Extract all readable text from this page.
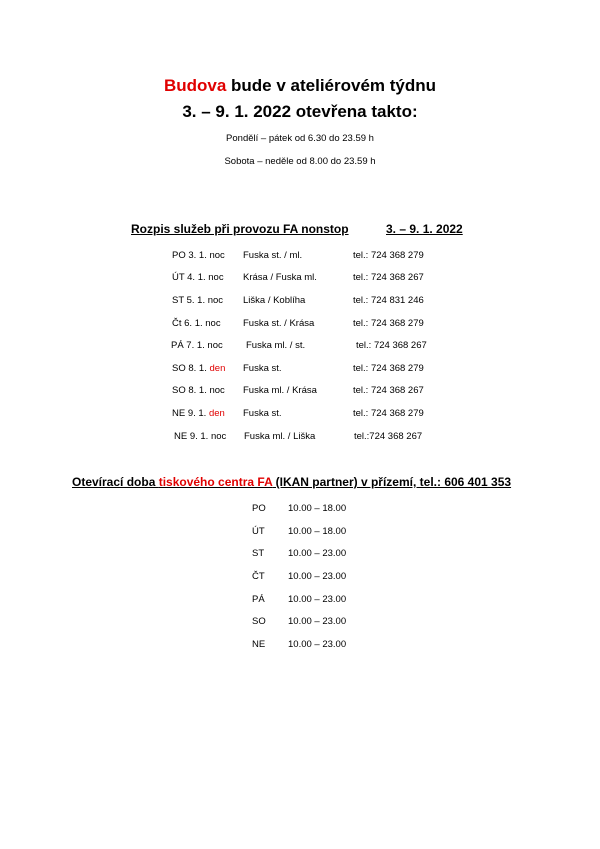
Budova bude v ateliérovém týdnu
3. – 9. 1. 2022 otevřena takto:
Pondělí – pátek od 6.30 do 23.59 h
Sobota – neděle od 8.00 do 23.59 h
Rozpis služeb při provozu FA nonstop	3. – 9. 1. 2022
PO 3. 1. noc Fuska st. / ml.	tel.: 724 368 279
ÚT 4. 1. noc Krása / Fuska ml.	tel.: 724 368 267
ST 5. 1. noc Liška / Koblíha	tel.: 724 831 246
Čt 6. 1. noc Fuska st. / Krása	tel.: 724 368 279
PÁ 7. 1. noc Fuska ml. / st.	tel.: 724 368 267
SO 8. 1. den Fuska st.	tel.: 724 368 279
SO 8. 1. noc Fuska ml. / Krása	tel.: 724 368 267
NE 9. 1. den Fuska st.	tel.: 724 368 279
NE 9. 1. noc Fuska ml. / Liška	tel.:724 368 267
Otevírací doba tiskového centra FA (IKAN partner) v přízemí, tel.: 606 401 353
PO 10.00 – 18.00
ÚT 10.00 – 18.00
ST	10.00 – 23.00
ČT 10.00 – 23.00
PÁ 10.00 – 23.00
SO 10.00 – 23.00
NE 10.00 – 23.00
